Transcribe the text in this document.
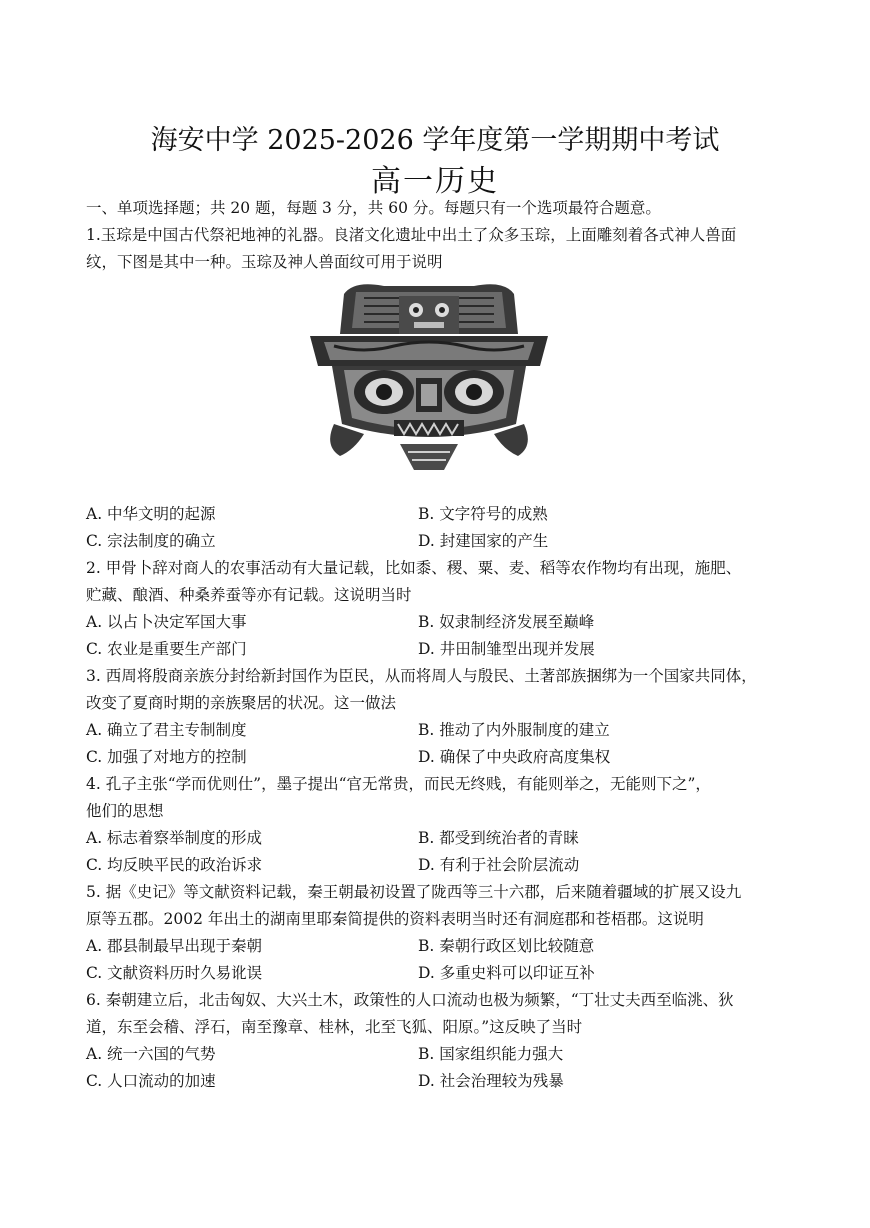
海安中学 2025-2026 学年度第一学期期中考试
高一历史
一、单项选择题；共 20 题，每题 3 分，共 60 分。每题只有一个选项最符合题意。
1.玉琮是中国古代祭祀地神的礼器。良渚文化遗址中出土了众多玉琮，上面雕刻着各式神人兽面
纹，下图是其中一种。玉琮及神人兽面纹可用于说明
A. 中华文明的起源	B. 文字符号的成熟
C. 宗法制度的确立	D. 封建国家的产生
2. 甲骨卜辞对商人的农事活动有大量记载，比如黍、稷、粟、麦、稻等农作物均有出现，施肥、
贮藏、酿酒、种桑养蚕等亦有记载。这说明当时
A. 以占卜决定军国大事	B. 奴隶制经济发展至巅峰
C. 农业是重要生产部门	D. 井田制雏型出现并发展
3. 西周将殷商亲族分封给新封国作为臣民，从而将周人与殷民、土著部族捆绑为一个国家共同体，
改变了夏商时期的亲族聚居的状况。这一做法
A. 确立了君主专制制度	B. 推动了内外服制度的建立
C. 加强了对地方的控制	D. 确保了中央政府高度集权
4. 孔子主张“学而优则仕”，墨子提出“官无常贵，而民无终贱，有能则举之，无能则下之”，
他们的思想
A. 标志着察举制度的形成	B. 都受到统治者的青睐
C. 均反映平民的政治诉求	D. 有利于社会阶层流动
5. 据《史记》等文献资料记载，秦王朝最初设置了陇西等三十六郡，后来随着疆域的扩展又设九
原等五郡。2002 年出土的湖南里耶秦简提供的资料表明当时还有洞庭郡和苍梧郡。这说明
A. 郡县制最早出现于秦朝	B. 秦朝行政区划比较随意
C. 文献资料历时久易讹误	D. 多重史料可以印证互补
6. 秦朝建立后，北击匈奴、大兴土木，政策性的人口流动也极为频繁，“丁壮丈夫西至临洮、狄
道，东至会稽、浮石，南至豫章、桂林，北至飞狐、阳原。”这反映了当时
A. 统一六国的气势	B. 国家组织能力强大
C. 人口流动的加速	D. 社会治理较为残暴
